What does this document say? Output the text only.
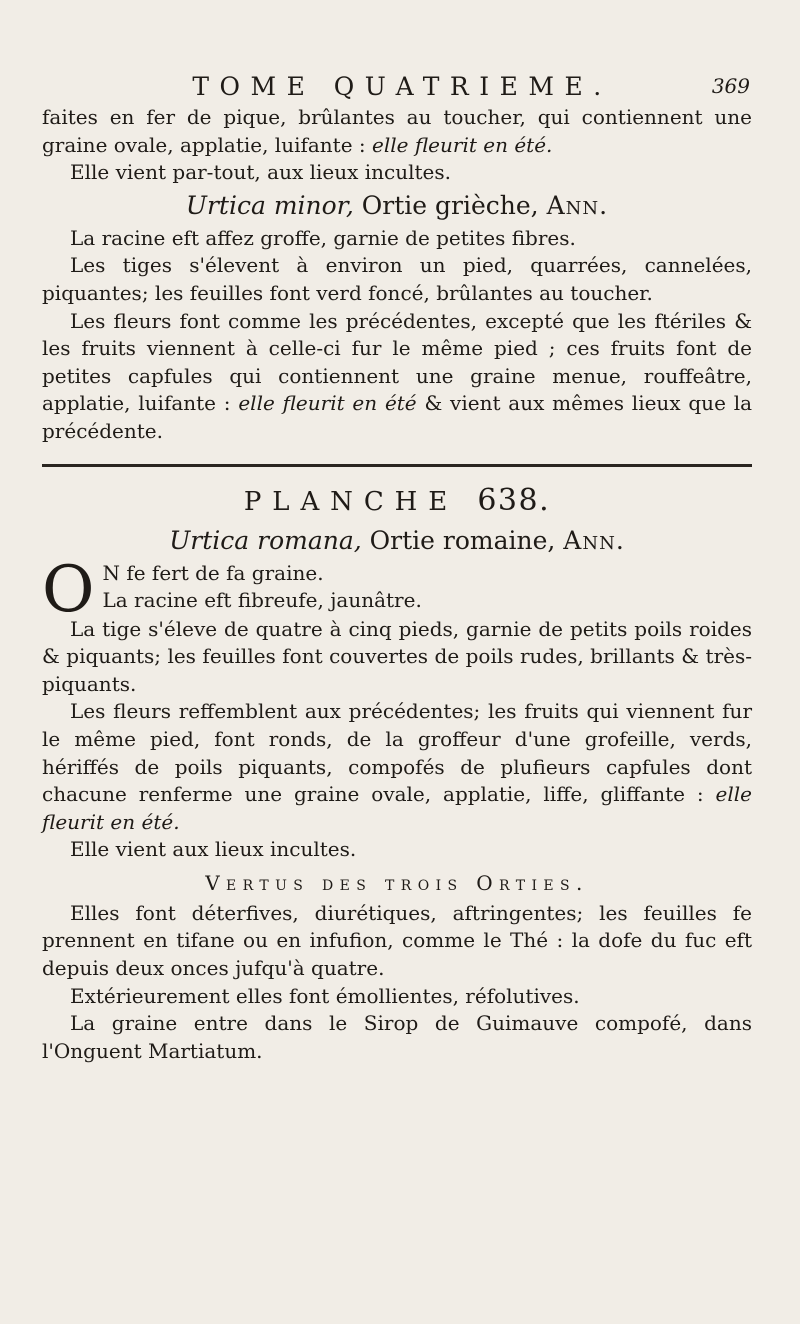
TOME QUATRIEME.	369

faites en fer de pique, brûlantes au toucher, qui contiennent une graine ovale, applatie, luifante : elle fleurit en été.

Elle vient par-tout, aux lieux incultes.

Urtica minor, Ortie grièche, Ann.

La racine eft affez groffe, garnie de petites fibres.

Les tiges s'élevent à environ un pied, quarrées, cannelées, piquantes; les feuilles font verd foncé, brûlantes au toucher.

Les fleurs font comme les précédentes, excepté que les ftériles & les fruits viennent à celle-ci fur le même pied ; ces fruits font de petites capfules qui contiennent une graine menue, rouffeâtre, applatie, luifante : elle fleurit en été & vient aux mêmes lieux que la précédente.

PLANCHE 638.
Urtica romana, Ortie romaine, Ann.
O N fe fert de fa graine.

La racine eft fibreufe, jaunâtre.

La tige s'éleve de quatre à cinq pieds, garnie de petits poils roides & piquants; les feuilles font couvertes de poils rudes, brillants & très-piquants.

Les fleurs reffemblent aux précédentes; les fruits qui viennent fur le même pied, font ronds, de la groffeur d'une grofeille, verds, hériffés de poils piquants, compofés de plufieurs capfules dont chacune renferme une graine ovale, applatie, liffe, gliffante : elle fleurit en été.

Elle vient aux lieux incultes.

Vertus des trois Orties.

Elles font déterfives, diurétiques, aftringentes; les feuilles fe prennent en tifane ou en infufion, comme le Thé : la dofe du fuc eft depuis deux onces jufqu'à quatre.

Extérieurement elles font émollientes, réfolutives.

La graine entre dans le Sirop de Guimauve compofé, dans l'Onguent Martiatum.
